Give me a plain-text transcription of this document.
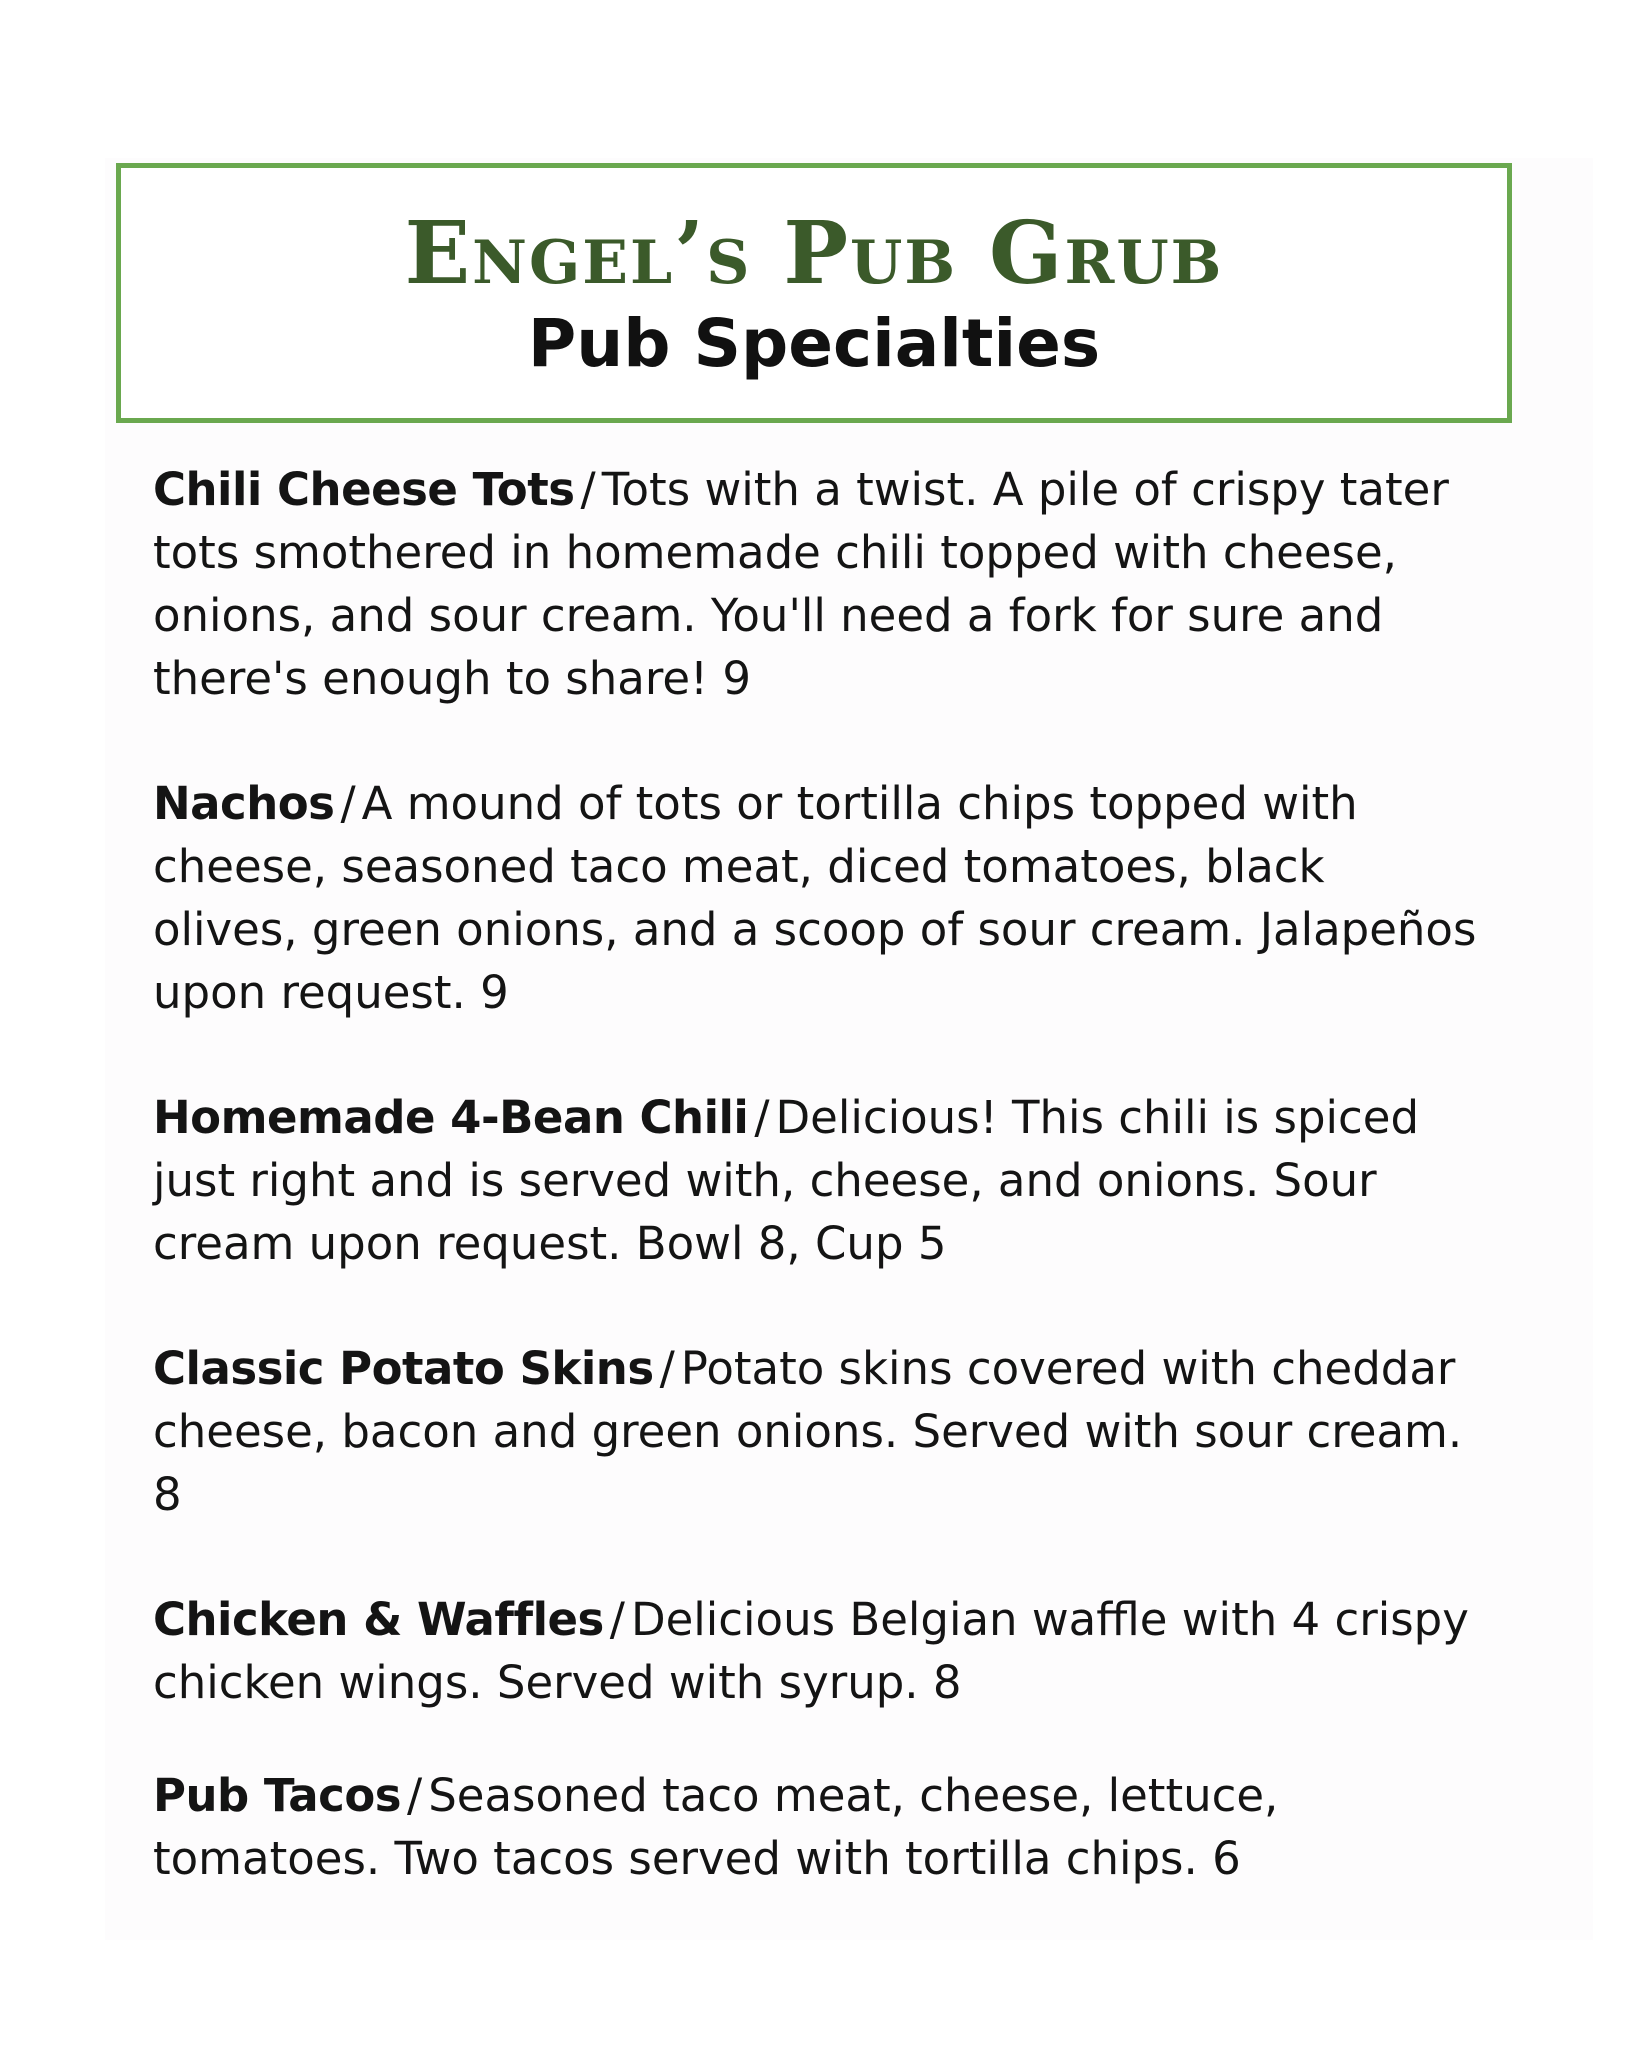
Engel’s Pub Grub
Pub Specialties

Chili Cheese Tots / Tots with a twist. A pile of crispy tater tots smothered in homemade chili topped with cheese, onions, and sour cream. You'll need a fork for sure and there's enough to share! 9

Nachos / A mound of tots or tortilla chips topped with cheese, seasoned taco meat, diced tomatoes, black olives, green onions, and a scoop of sour cream. Jalapeños upon request. 9

Homemade 4-Bean Chili / Delicious! This chili is spiced just right and is served with, cheese, and onions. Sour cream upon request. Bowl 8, Cup 5

Classic Potato Skins / Potato skins covered with cheddar cheese, bacon and green onions. Served with sour cream. 8

Chicken & Waffles / Delicious Belgian waffle with 4 crispy chicken wings. Served with syrup. 8

Pub Tacos / Seasoned taco meat, cheese, lettuce, tomatoes. Two tacos served with tortilla chips. 6
